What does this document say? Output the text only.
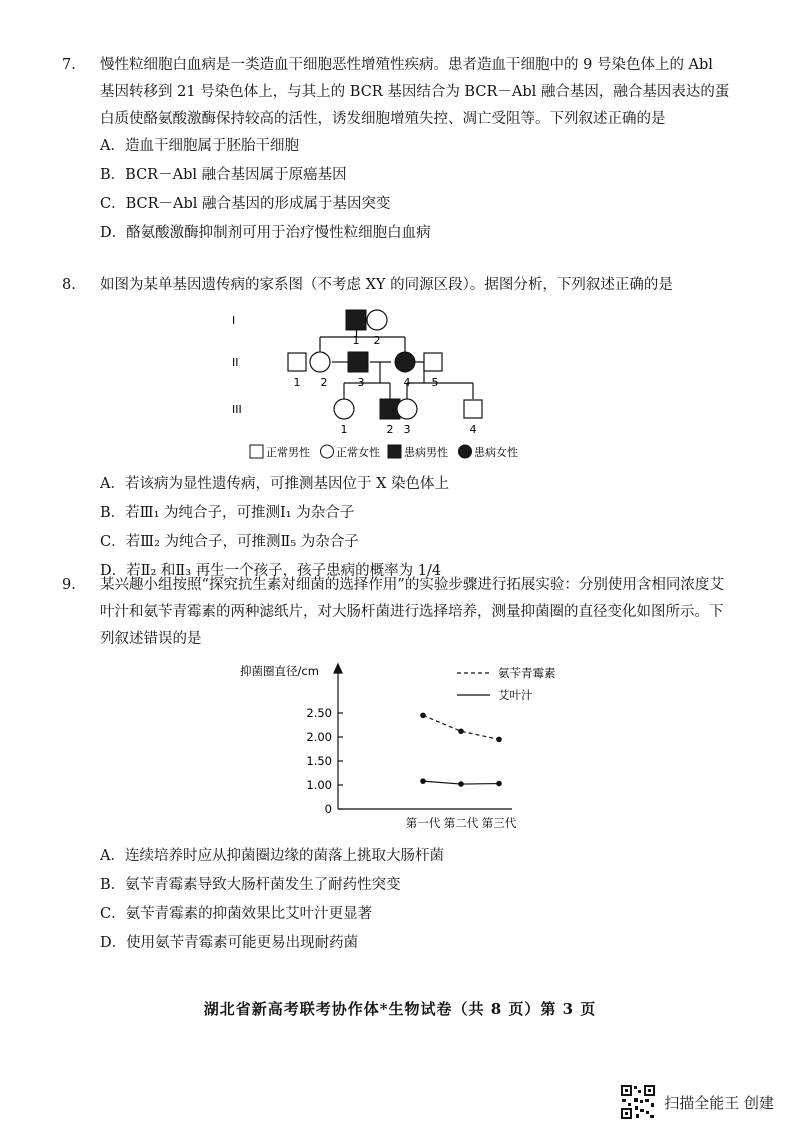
7.	慢性粒细胞白血病是一类造血干细胞恶性增殖性疾病。患者造血干细胞中的 9 号染色体上的 Abl 基因转移到 21 号染色体上，与其上的 BCR 基因结合为 BCR－Abl 融合基因，融合基因表达的蛋白质使酪氨酸激酶保持较高的活性，诱发细胞增殖失控、凋亡受阻等。下列叙述正确的是
A．造血干细胞属于胚胎干细胞
B．BCR－Abl 融合基因属于原癌基因
C．BCR－Abl 融合基因的形成属于基因突变
D．酪氨酸激酶抑制剂可用于治疗慢性粒细胞白血病
8.	如图为某单基因遗传病的家系图（不考虑 XY 的同源区段）。据图分析，下列叙述正确的是
1 2
1 2	3	4 5
1	2 3	4
I
II
III
正常男性 正常女性 患病男性 患病女性
A．若该病为显性遗传病，可推测基因位于 X 染色体上
B．若Ⅲ₁ 为纯合子，可推测Ⅰ₁ 为杂合子
C．若Ⅲ₂ 为纯合子，可推测Ⅱ₅ 为杂合子
D．若Ⅱ₂ 和Ⅱ₃ 再生一个孩子，孩子患病的概率为 1/4
9.	某兴趣小组按照“探究抗生素对细菌的选择作用”的实验步骤进行拓展实验：分别使用含相同浓度艾叶汁和氨苄青霉素的两种滤纸片，对大肠杆菌进行选择培养，测量抑菌圈的直径变化如图所示。下列叙述错误的是
抑菌圈直径/cm	氨苄青霉素
艾叶汁
0
1.00
1.50
2.00
2.50
第一代 第二代 第三代
A．连续培养时应从抑菌圈边缘的菌落上挑取大肠杆菌
B．氨苄青霉素导致大肠杆菌发生了耐药性突变
C．氨苄青霉素的抑菌效果比艾叶汁更显著
D．使用氨苄青霉素可能更易出现耐药菌
湖北省新高考联考协作体*生物试卷（共 8 页）第 3 页
扫描全能王 创建
